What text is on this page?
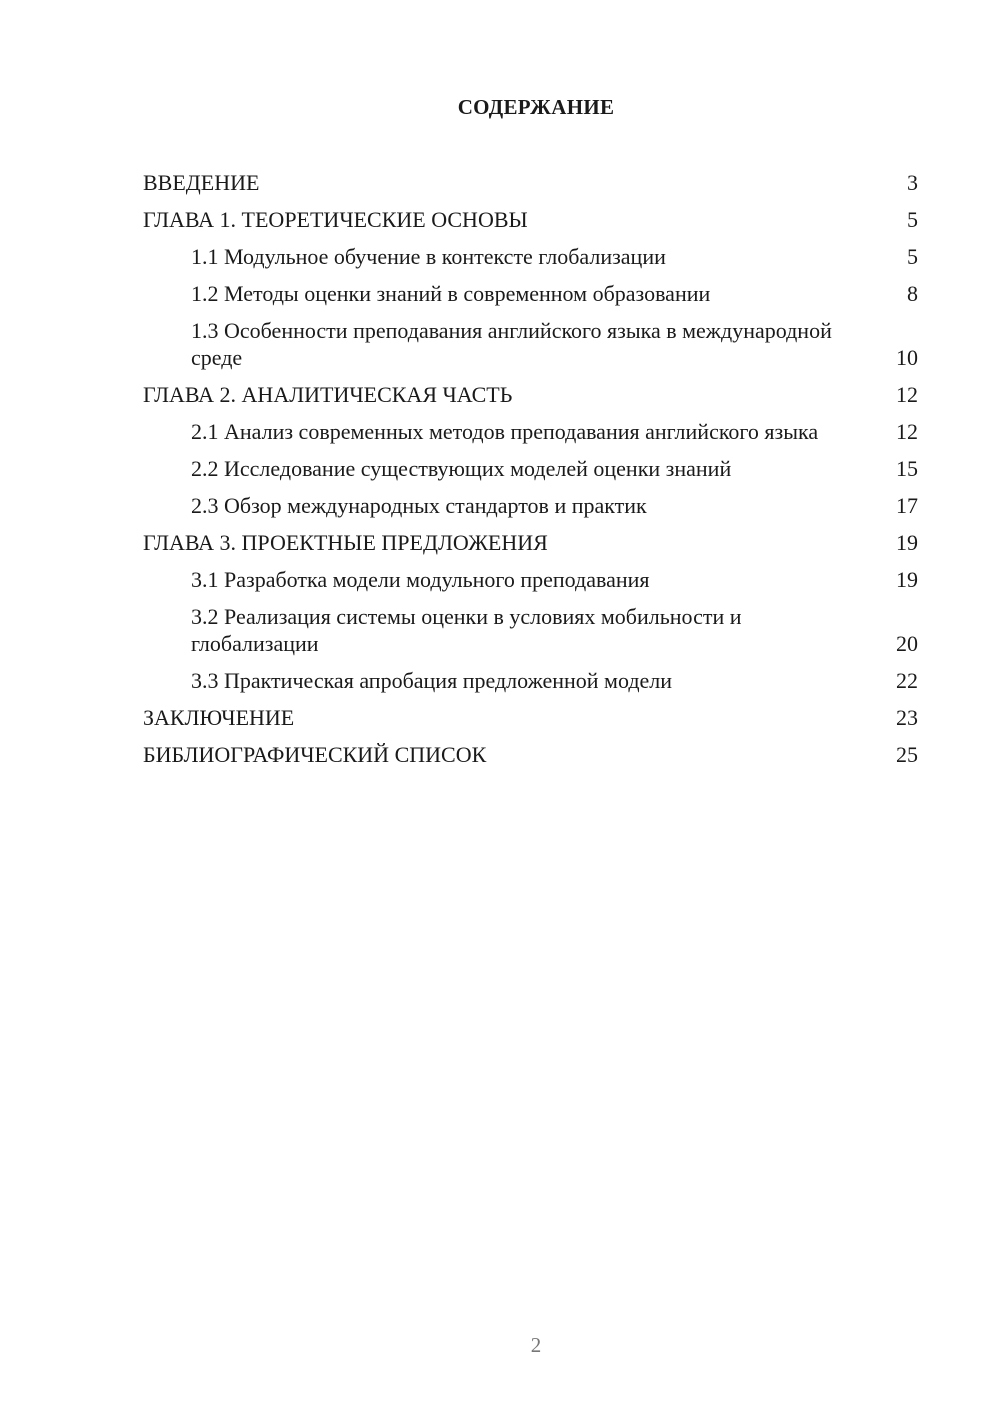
СОДЕРЖАНИЕ
ВВЕДЕНИЕ	3
ГЛАВА 1. ТЕОРЕТИЧЕСКИЕ ОСНОВЫ	5
1.1 Модульное обучение в контексте глобализации	5
1.2 Методы оценки знаний в современном образовании	8
1.3 Особенности преподавания английского языка в международной среде	10
ГЛАВА 2. АНАЛИТИЧЕСКАЯ ЧАСТЬ	12
2.1 Анализ современных методов преподавания английского языка	12
2.2 Исследование существующих моделей оценки знаний	15
2.3 Обзор международных стандартов и практик	17
ГЛАВА 3. ПРОЕКТНЫЕ ПРЕДЛОЖЕНИЯ	19
3.1 Разработка модели модульного преподавания	19
3.2 Реализация системы оценки в условиях мобильности и глобализации	20
3.3 Практическая апробация предложенной модели	22
ЗАКЛЮЧЕНИЕ	23
БИБЛИОГРАФИЧЕСКИЙ СПИСОК	25
2
